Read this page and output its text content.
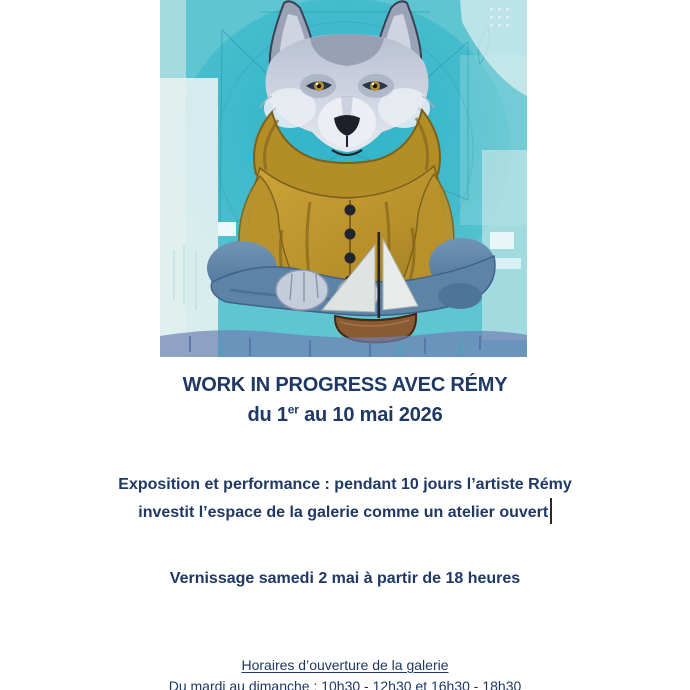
WORK IN PROGRESS AVEC RÉMY
du 1er au 10 mai 2026
Exposition et performance : pendant 10 jours l’artiste Rémy
investit l’espace de la galerie comme un atelier ouvert
Vernissage samedi 2 mai à partir de 18 heures
Horaires d’ouverture de la galerie
Du mardi au dimanche : 10h30 - 12h30 et 16h30 - 18h30
